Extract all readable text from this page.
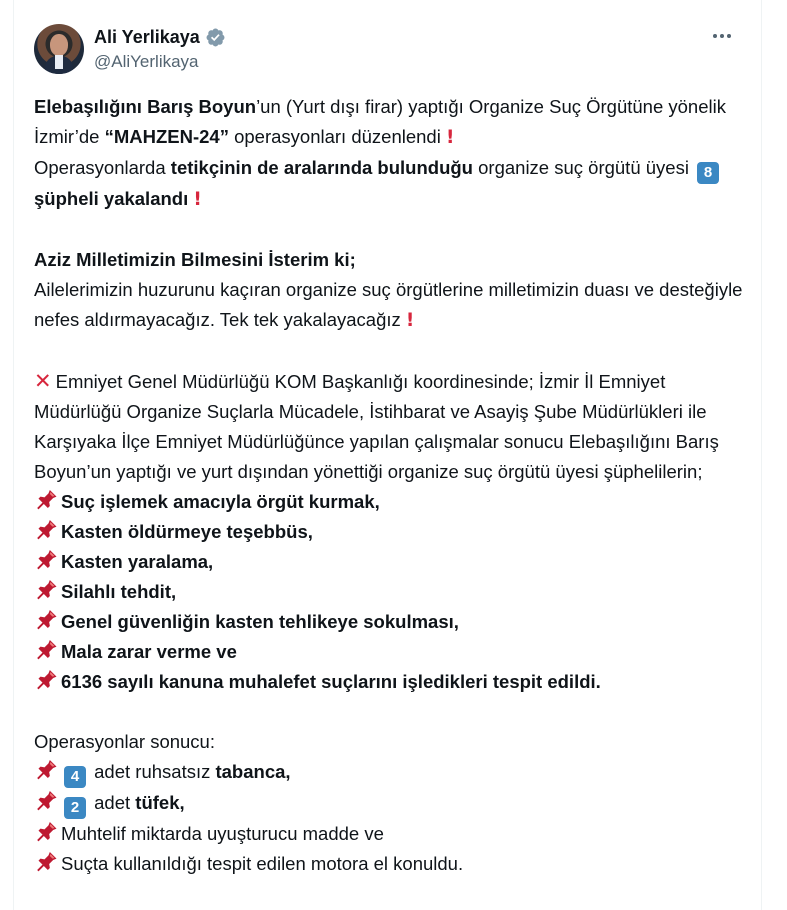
Ali Yerlikaya
@AliYerlikaya

Elebaşılığını Barış Boyun’un (Yurt dışı firar) yaptığı Organize Suç Örgütüne yönelik İzmir’de “MAHZEN-24” operasyonları düzenlendi !
Operasyonlarda tetikçinin de aralarında bulunduğu organize suç örgütü üyesi 8 şüpheli yakalandı !

Aziz Milletimizin Bilmesini İsterim ki;
Ailelerimizin huzurunu kaçıran organize suç örgütlerine milletimizin duası ve desteğiyle nefes aldırmayacağız. Tek tek yakalayacağız !

✕ Emniyet Genel Müdürlüğü KOM Başkanlığı koordinesinde; İzmir İl Emniyet Müdürlüğü Organize Suçlarla Mücadele, İstihbarat ve Asayiş Şube Müdürlükleri ile Karşıyaka İlçe Emniyet Müdürlüğünce yapılan çalışmalar sonucu Elebaşılığını Barış Boyun’un yaptığı ve yurt dışından yönettiği organize suç örgütü üyesi şüphelilerin;

Suç işlemek amacıyla örgüt kurmak,
Kasten öldürmeye teşebbüs,
Kasten yaralama,
Silahlı tehdit,
Genel güvenliğin kasten tehlikeye sokulması,
Mala zarar verme ve
6136 sayılı kanuna muhalefet suçlarını işledikleri tespit edildi.

Operasyonlar sonucu:

4 adet ruhsatsız tabanca,
2 adet tüfek,
Muhtelif miktarda uyuşturucu madde ve
Suçta kullanıldığı tespit edilen motora el konuldu.
